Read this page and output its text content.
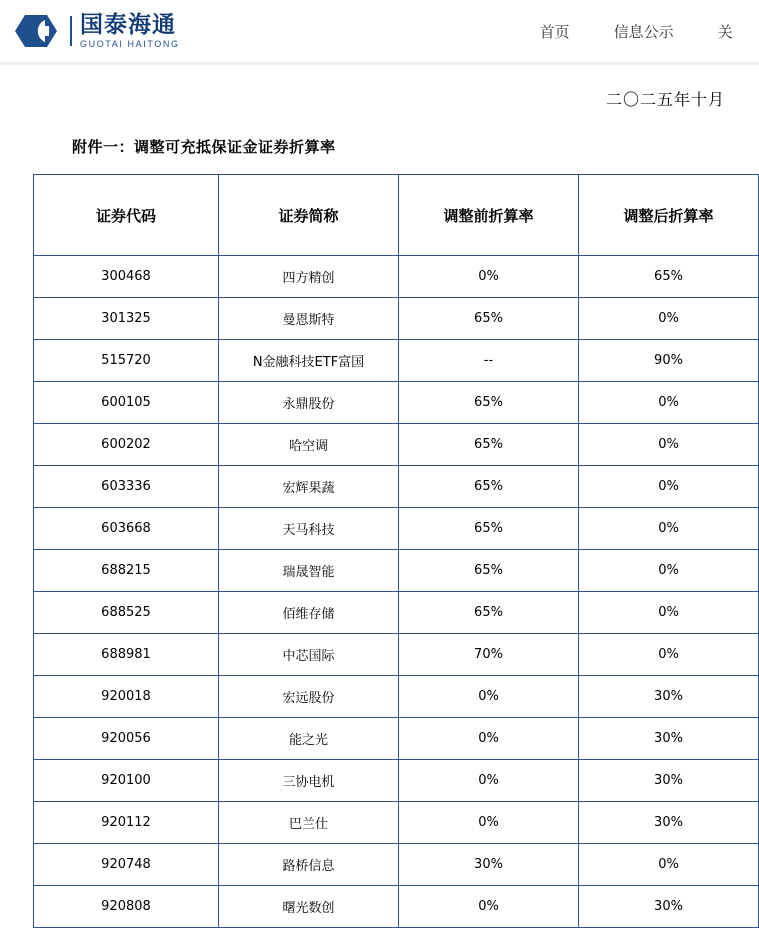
国泰海通
GUOTAI HAITONG
首页	信息公示	关
二〇二五年十月
附件一：调整可充抵保证金证券折算率
证券代码	证券简称	调整前折算率	调整后折算率
300468	四方精创	0%	65%
301325	曼恩斯特	65%	0%
515720	N金融科技ETF富国	--	90%
600105	永鼎股份	65%	0%
600202	哈空调	65%	0%
603336	宏辉果蔬	65%	0%
603668	天马科技	65%	0%
688215	瑞晟智能	65%	0%
688525	佰维存储	65%	0%
688981	中芯国际	70%	0%
920018	宏远股份	0%	30%
920056	能之光	0%	30%
920100	三协电机	0%	30%
920112	巴兰仕	0%	30%
920748	路桥信息	30%	0%
920808	曙光数创	0%	30%
